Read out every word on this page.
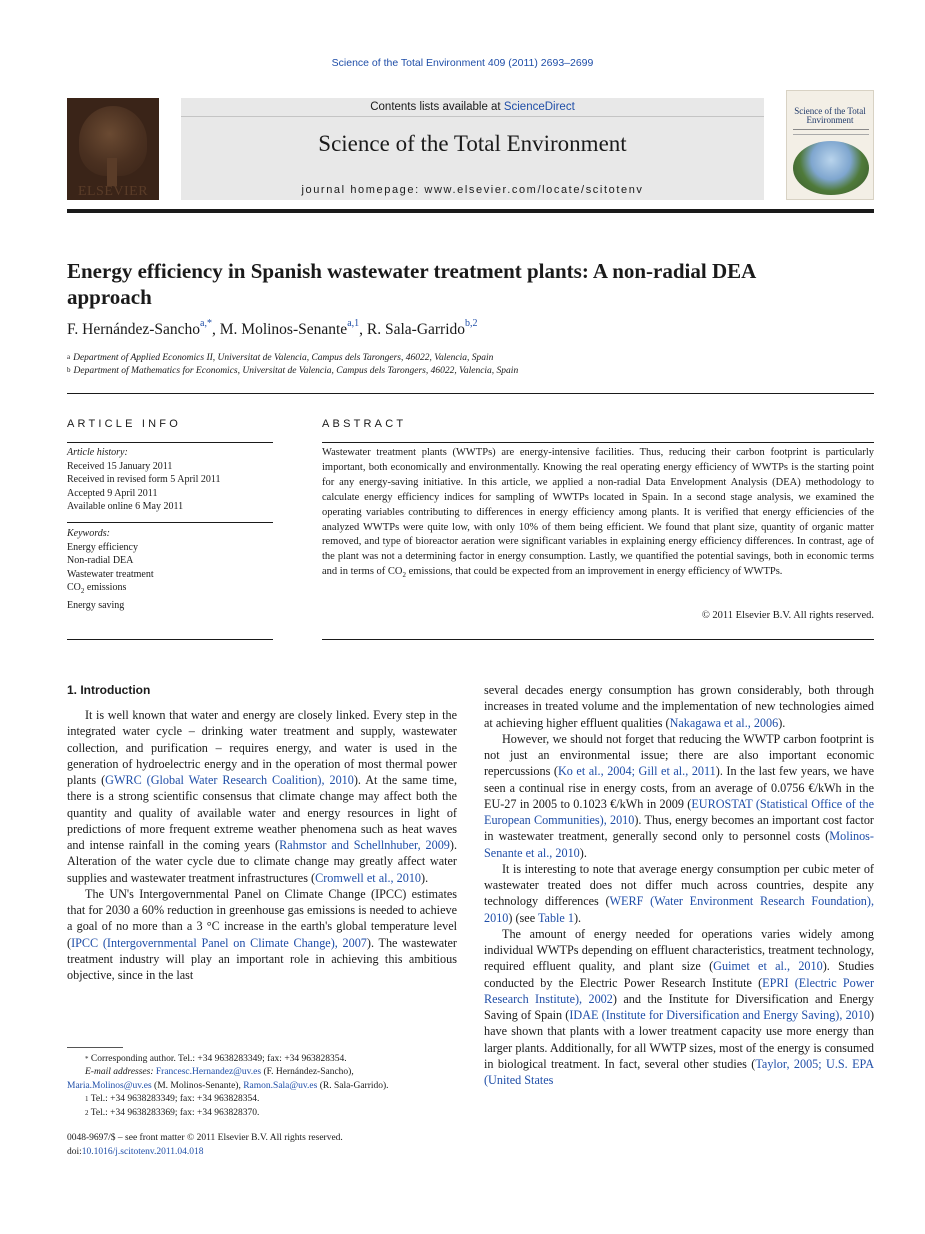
Science of the Total Environment 409 (2011) 2693–2699
ELSEVIER
Contents lists available at ScienceDirect
Science of the Total Environment
journal homepage: www.elsevier.com/locate/scitotenv
Science of the Total Environment
Energy efficiency in Spanish wastewater treatment plants: A non-radial DEA approach
F. Hernández-Sancho$^{a,*}$, M. Molinos-Senante$^{a,1}$, R. Sala-Garrido$^{b,2}$
$^a$ Department of Applied Economics II, Universitat de Valencia, Campus dels Tarongers, 46022, Valencia, Spain
$^b$ Department of Mathematics for Economics, Universitat de Valencia, Campus dels Tarongers, 46022, Valencia, Spain
ARTICLE INFO	ABSTRACT
Article history:
Received 15 January 2011
Received in revised form 5 April 2011
Accepted 9 April 2011
Available online 6 May 2011
Keywords:
Energy efficiency
Non-radial DEA
Wastewater treatment
$CO_2$ emissions
Energy saving
Wastewater treatment plants (WWTPs) are energy-intensive facilities. Thus, reducing their carbon footprint is particularly important, both economically and environmentally. Knowing the real operating energy efficiency of WWTPs is the starting point for any energy-saving initiative. In this article, we applied a non-radial Data Envelopment Analysis (DEA) methodology to calculate energy efficiency indices for sampling of WWTPs located in Spain. In a second stage analysis, we examined the operating variables contributing to differences in energy efficiency among plants. It is verified that energy efficiencies of the analyzed WWTPs were quite low, with only 10% of them being efficient. We found that plant size, quantity of organic matter removed, and type of bioreactor aeration were significant variables in explaining energy efficiency differences. In contrast, age of the plant was not a determining factor in energy consumption. Lastly, we quantified the potential savings, both in economic terms and in terms of $CO_2$ emissions, that could be expected from an improvement in energy efficiency of WWTPs.
© 2011 Elsevier B.V. All rights reserved.
1. Introduction

It is well known that water and energy are closely linked. Every step in the integrated water cycle – drinking water treatment and supply, wastewater collection, and purification – requires energy, and water is used in the generation of hydroelectric energy and in the operation of most thermal power plants (GWRC (Global Water Research Coalition), 2010). At the same time, there is a strong scientific consensus that climate change may affect both the quantity and quality of available water and energy resources in light of predictions of more frequent extreme weather phenomena such as heat waves and intense rainfall in the coming years (Rahmstor and Schellnhuber, 2009). Alteration of the water cycle due to climate change may greatly affect water supplies and wastewater treatment infrastructures (Cromwell et al., 2010).

The UN's Intergovernmental Panel on Climate Change (IPCC) estimates that for 2030 a 60% reduction in greenhouse gas emissions is needed to achieve a goal of no more than a 3 °C increase in the earth's global temperature level (IPCC (Intergovernmental Panel on Climate Change), 2007). The wastewater treatment industry will play an important role in achieving this ambitious objective, since in the last

* Corresponding author. Tel.: +34 9638283349; fax: +34 963828354.
E-mail addresses: Francesc.Hernandez@uv.es (F. Hernández-Sancho),
Maria.Molinos@uv.es (M. Molinos-Senante), Ramon.Sala@uv.es (R. Sala-Garrido).
$^1$ Tel.: +34 9638283349; fax: +34 963828354.
$^2$ Tel.: +34 9638283369; fax: +34 963828370.
0048-9697/$ – see front matter © 2011 Elsevier B.V. All rights reserved.
doi:10.1016/j.scitotenv.2011.04.018

several decades energy consumption has grown considerably, both through increases in treated volume and the implementation of new technologies aimed at achieving higher effluent qualities (Nakagawa et al., 2006).

However, we should not forget that reducing the WWTP carbon footprint is not just an environmental issue; there are also important economic repercussions (Ko et al., 2004; Gill et al., 2011). In the last few years, we have seen a continual rise in energy costs, from an average of 0.0756 €/kWh in the EU-27 in 2005 to 0.1023 €/kWh in 2009 (EUROSTAT (Statistical Office of the European Communities), 2010). Thus, energy becomes an important cost factor in wastewater treatment, generally second only to personnel costs (Molinos-Senante et al., 2010).

It is interesting to note that average energy consumption per cubic meter of wastewater treated does not differ much across countries, despite any technology differences (WERF (Water Environment Research Foundation), 2010) (see Table 1).

The amount of energy needed for operations varies widely among individual WWTPs depending on effluent characteristics, treatment technology, required effluent quality, and plant size (Guimet et al., 2010). Studies conducted by the Electric Power Research Institute (EPRI (Electric Power Research Institute), 2002) and the Institute for Diversification and Energy Saving of Spain (IDAE (Institute for Diversification and Energy Saving), 2010) have shown that plants with a lower treatment capacity use more energy than larger plants. Additionally, for all WWTP sizes, most of the energy is consumed in biological treatment. In fact, several other studies (Taylor, 2005; U.S. EPA (United States
